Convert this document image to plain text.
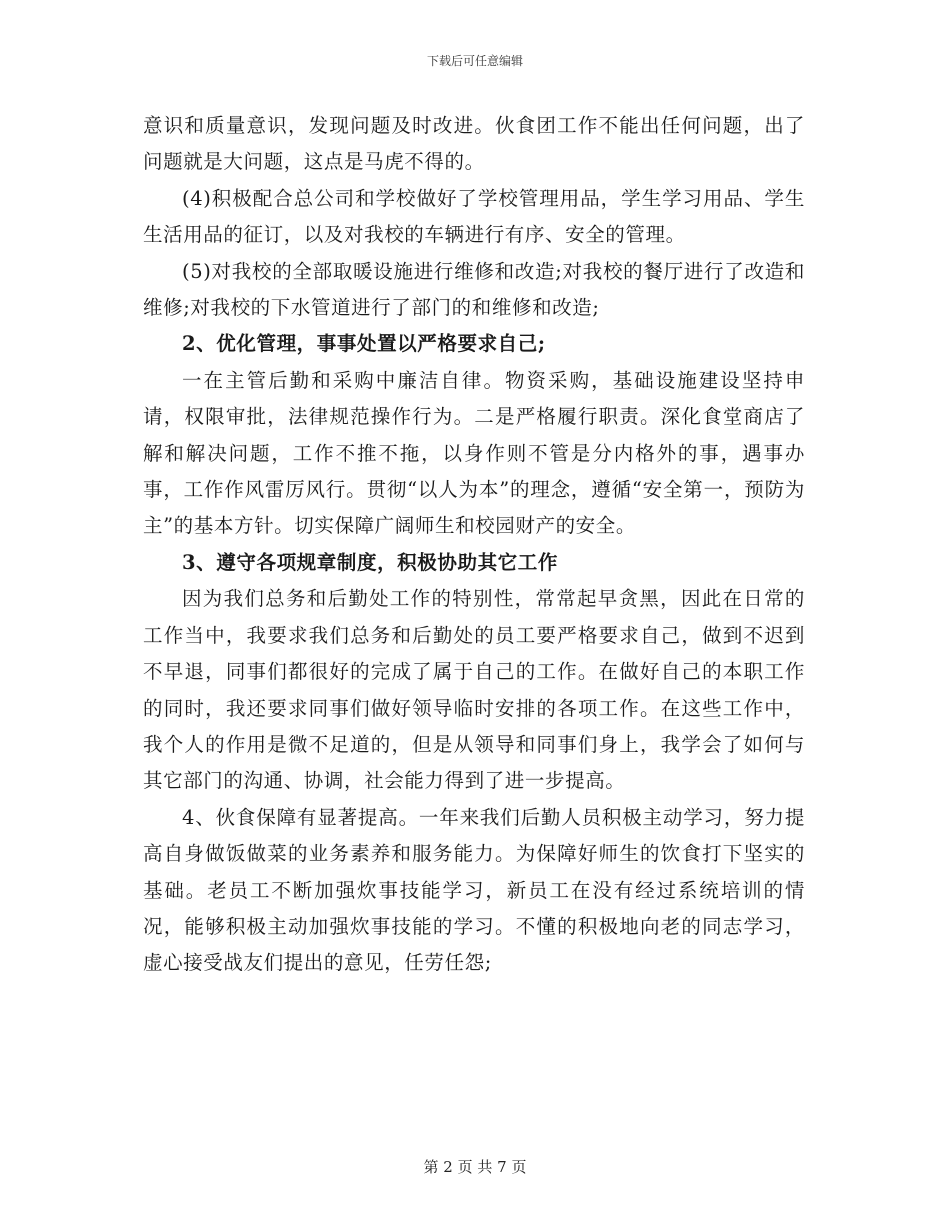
下载后可任意编辑

意识和质量意识，发现问题及时改进。伙食团工作不能出任何问题，出了问题就是大问题，这点是马虎不得的。

(4)积极配合总公司和学校做好了学校管理用品，学生学习用品、学生生活用品的征订，以及对我校的车辆进行有序、安全的管理。

(5)对我校的全部取暖设施进行维修和改造;对我校的餐厅进行了改造和维修;对我校的下水管道进行了部门的和维修和改造;

2、优化管理，事事处置以严格要求自己;

一在主管后勤和采购中廉洁自律。物资采购，基础设施建设坚持申请，权限审批，法律规范操作行为。二是严格履行职责。深化食堂商店了解和解决问题，工作不推不拖，以身作则不管是分内格外的事，遇事办事，工作作风雷厉风行。贯彻“以人为本”的理念，遵循“安全第一，预防为主”的基本方针。切实保障广阔师生和校园财产的安全。

3、遵守各项规章制度，积极协助其它工作

因为我们总务和后勤处工作的特别性，常常起早贪黑，因此在日常的工作当中，我要求我们总务和后勤处的员工要严格要求自己，做到不迟到不早退，同事们都很好的完成了属于自己的工作。在做好自己的本职工作的同时，我还要求同事们做好领导临时安排的各项工作。在这些工作中，我个人的作用是微不足道的，但是从领导和同事们身上，我学会了如何与其它部门的沟通、协调，社会能力得到了进一步提高。

4、伙食保障有显著提高。一年来我们后勤人员积极主动学习，努力提高自身做饭做菜的业务素养和服务能力。为保障好师生的饮食打下坚实的基础。老员工不断加强炊事技能学习，新员工在没有经过系统培训的情况，能够积极主动加强炊事技能的学习。不懂的积极地向老的同志学习，虚心接受战友们提出的意见，任劳任怨;

第 2 页 共 7 页
